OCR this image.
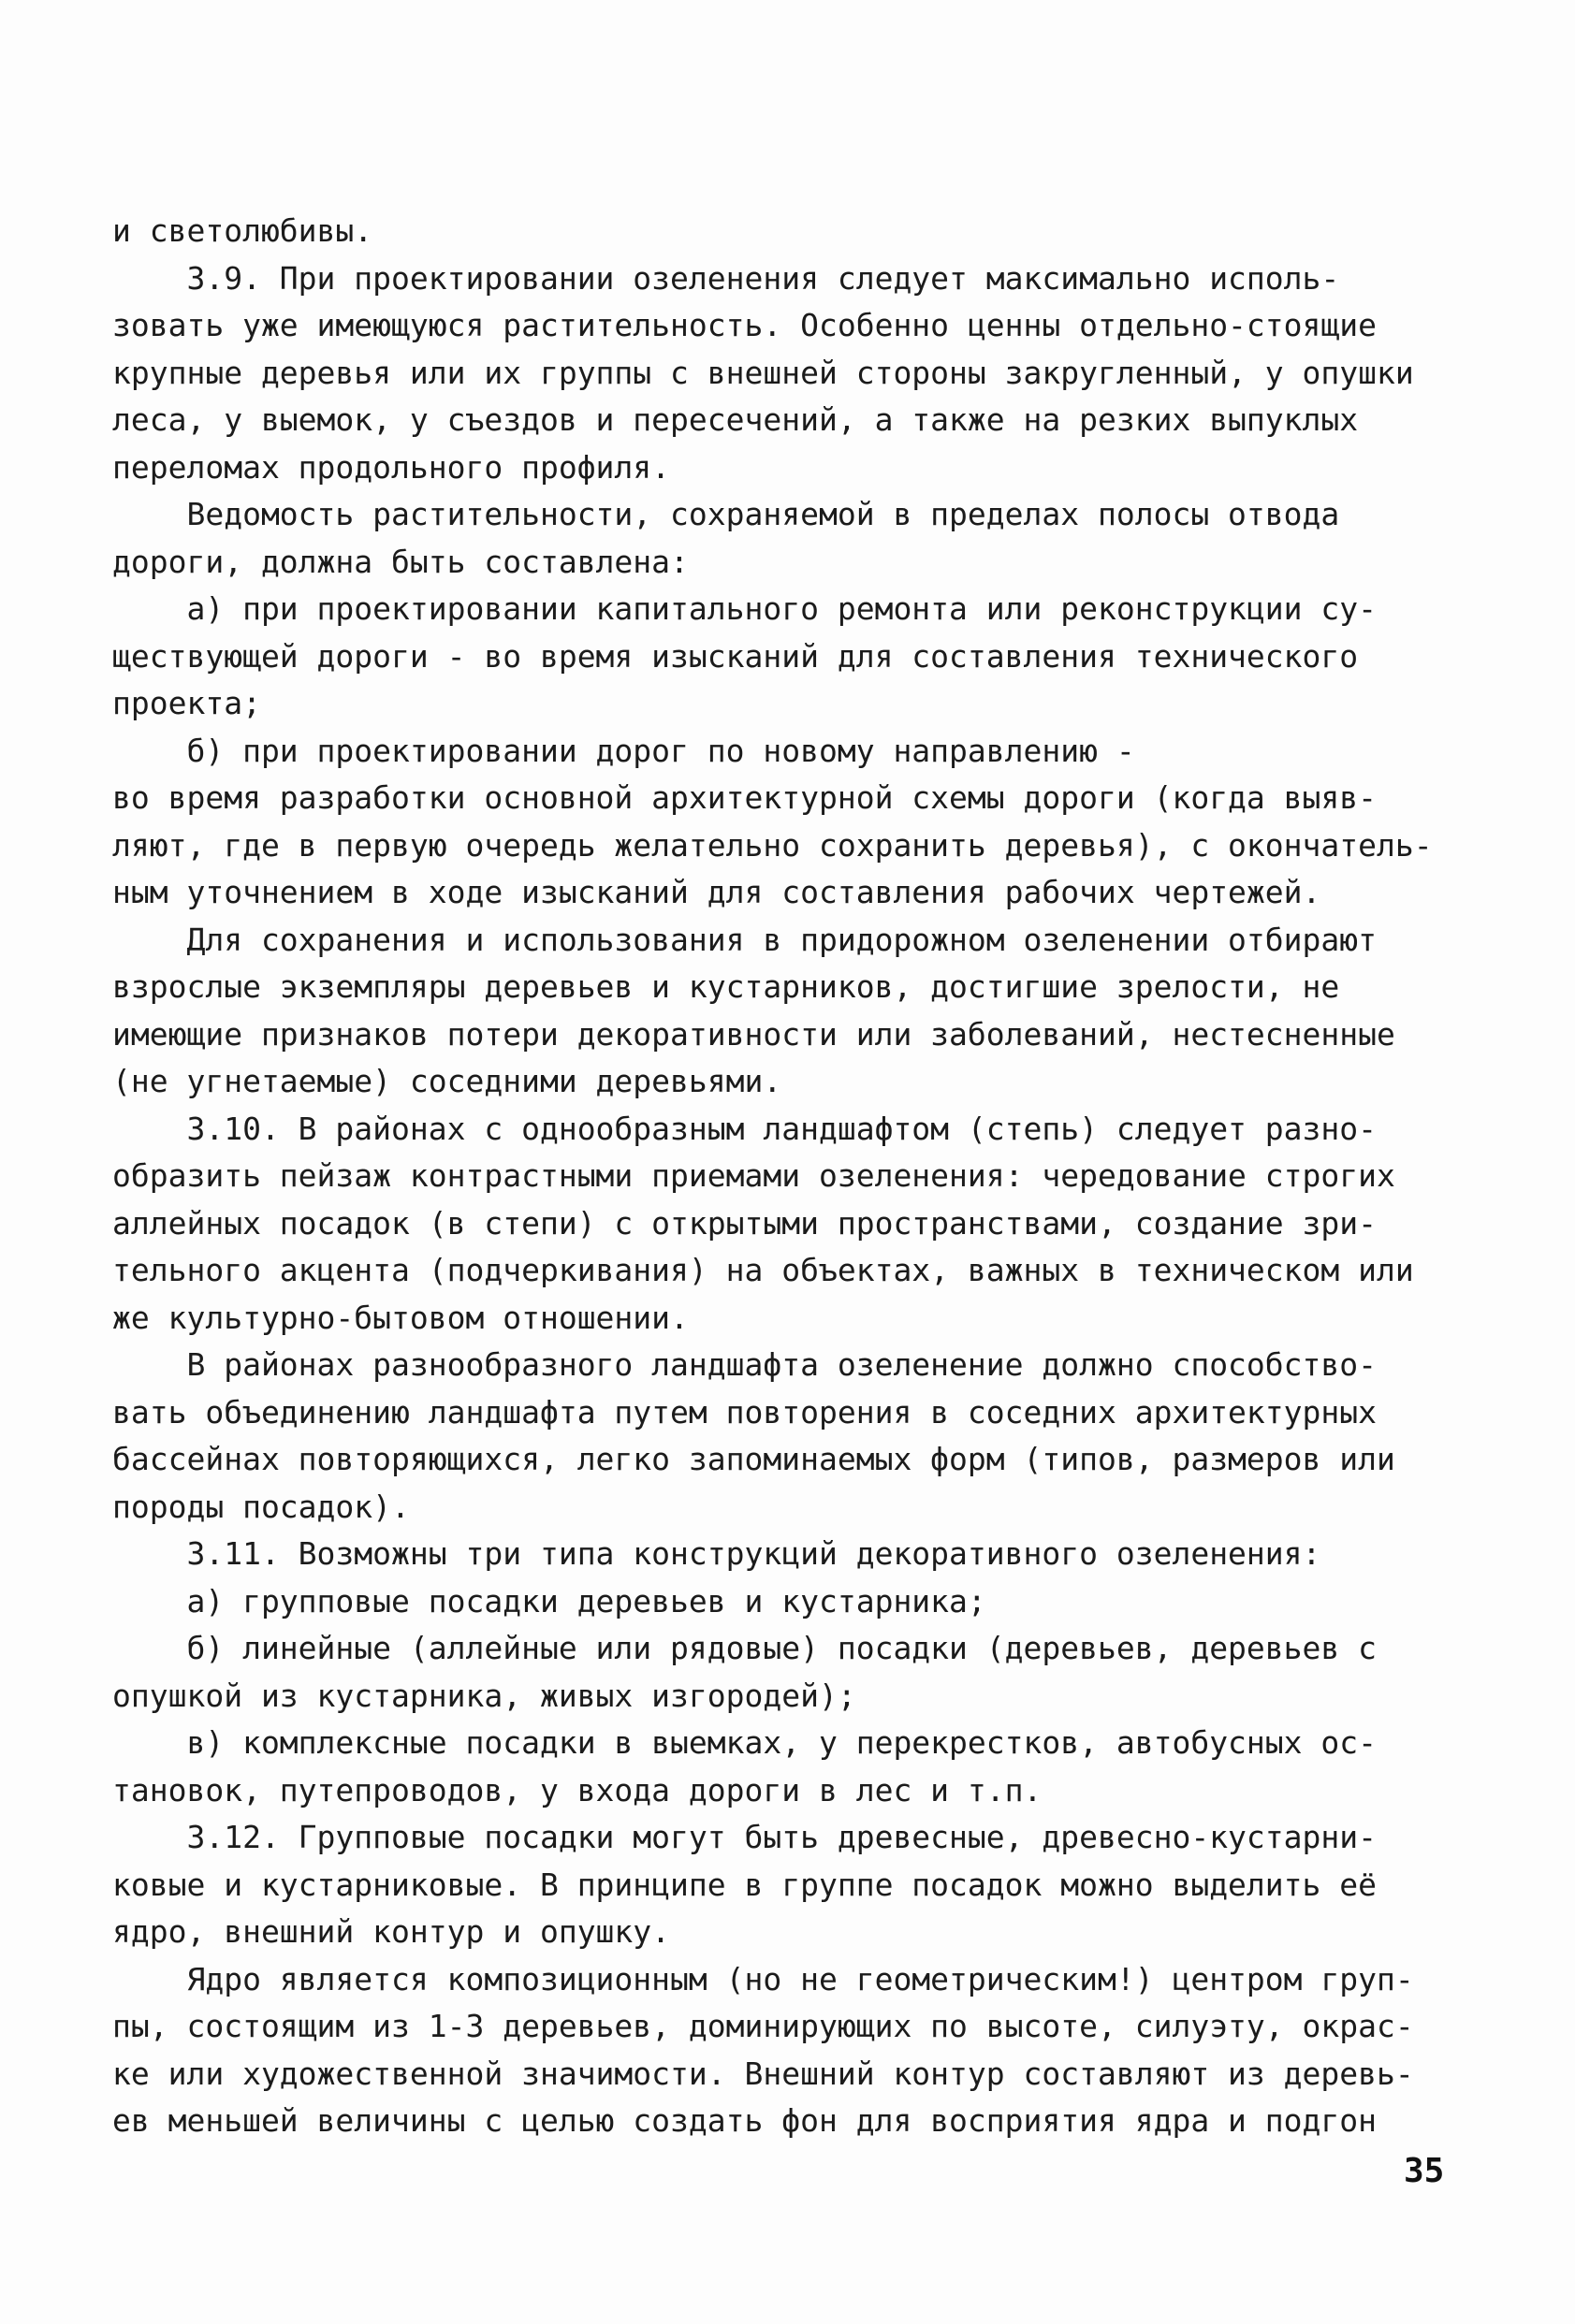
и светолюбивы.
3.9. При проектировании озеленения следует максимально исполь-
зовать уже имеющуюся растительность. Особенно ценны отдельно-стоящие
крупные деревья или их группы с внешней стороны закругленный, у опушки
леса, у выемок, у съездов и пересечений, а также на резких выпуклых
переломах продольного профиля.
Ведомость растительности, сохраняемой в пределах полосы отвода
дороги, должна быть составлена:
а) при проектировании капитального ремонта или реконструкции су-
ществующей дороги - во время изысканий для составления технического
проекта;
б) при проектировании дорог по новому направлению -
во время разработки основной архитектурной схемы дороги (когда выяв-
ляют, где в первую очередь желательно сохранить деревья), с окончатель-
ным уточнением в ходе изысканий для составления рабочих чертежей.
Для сохранения и использования в придорожном озеленении отбирают
взрослые экземпляры деревьев и кустарников, достигшие зрелости, не
имеющие признаков потери декоративности или заболеваний, нестесненные
(не угнетаемые) соседними деревьями.
3.10. В районах с однообразным ландшафтом (степь) следует разно-
образить пейзаж контрастными приемами озеленения: чередование строгих
аллейных посадок (в степи) с открытыми пространствами, создание зри-
тельного акцента (подчеркивания) на объектах, важных в техническом или
же культурно-бытовом отношении.
В районах разнообразного ландшафта озеленение должно способство-
вать объединению ландшафта путем повторения в соседних архитектурных
бассейнах повторяющихся, легко запоминаемых форм (типов, размеров или
породы посадок).
3.11. Возможны три типа конструкций декоративного озеленения:
а) групповые посадки деревьев и кустарника;
б) линейные (аллейные или рядовые) посадки (деревьев, деревьев с
опушкой из кустарника, живых изгородей);
в) комплексные посадки в выемках, у перекрестков, автобусных ос-
тановок, путепроводов, у входа дороги в лес и т.п.
3.12. Групповые посадки могут быть древесные, древесно-кустарни-
ковые и кустарниковые. В принципе в группе посадок можно выделить её
ядро, внешний контур и опушку.
Ядро является композиционным (но не геометрическим!) центром груп-
пы, состоящим из 1-3 деревьев, доминирующих по высоте, силуэту, окрас-
ке или художественной значимости. Внешний контур составляют из деревь-
ев меньшей величины с целью создать фон для восприятия ядра и подгон
35
